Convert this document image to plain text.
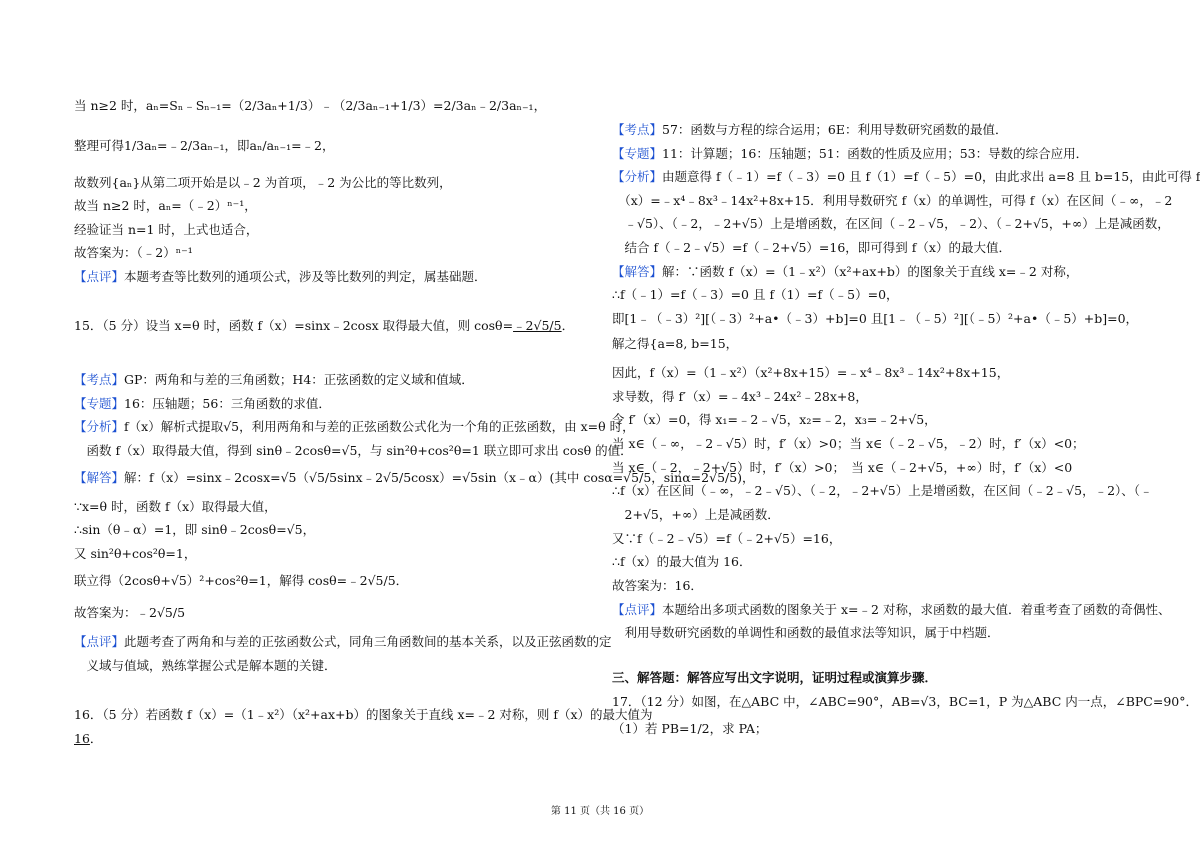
当 n≥2 时，aₙ=Sₙ﹣Sₙ₋₁=（2/3aₙ+1/3）﹣（2/3aₙ₋₁+1/3）=2/3aₙ﹣2/3aₙ₋₁，
整理可得1/3aₙ=﹣2/3aₙ₋₁，即aₙ/aₙ₋₁=﹣2，
故数列{aₙ}从第二项开始是以﹣2 为首项，﹣2 为公比的等比数列，
故当 n≥2 时，aₙ=（﹣2）ⁿ⁻¹，
经验证当 n=1 时，上式也适合，
故答案为：（﹣2）ⁿ⁻¹
【点评】本题考查等比数列的通项公式，涉及等比数列的判定，属基础题．
15．（5 分）设当 x=θ 时，函数 f（x）=sinx﹣2cosx 取得最大值，则 cosθ=﹣2√5/5．
【考点】GP：两角和与差的三角函数；H4：正弦函数的定义域和值域．
【专题】16：压轴题；56：三角函数的求值．
【分析】f（x）解析式提取√5，利用两角和与差的正弦函数公式化为一个角的正弦函数，由 x=θ 时，
　函数 f（x）取得最大值，得到 sinθ﹣2cosθ=√5，与 sin²θ+cos²θ=1 联立即可求出 cosθ 的值．
【解答】解：f（x）=sinx﹣2cosx=√5（√5/5sinx﹣2√5/5cosx）=√5sin（x﹣α）(其中 cosα=√5/5，sinα=2√5/5)，
∵x=θ 时，函数 f（x）取得最大值，
∴sin（θ﹣α）=1，即 sinθ﹣2cosθ=√5，
又 sin²θ+cos²θ=1，
联立得（2cosθ+√5）²+cos²θ=1，解得 cosθ=﹣2√5/5．
故答案为：﹣2√5/5
【点评】此题考查了两角和与差的正弦函数公式，同角三角函数间的基本关系，以及正弦函数的定
　义域与值域，熟练掌握公式是解本题的关键．
16．（5 分）若函数 f（x）=（1﹣x²）（x²+ax+b）的图象关于直线 x=﹣2 对称，则 f（x）的最大值为
16．
【考点】57：函数与方程的综合运用；6E：利用导数研究函数的最值．
【专题】11：计算题；16：压轴题；51：函数的性质及应用；53：导数的综合应用．
【分析】由题意得 f（﹣1）=f（﹣3）=0 且 f（1）=f（﹣5）=0，由此求出 a=8 且 b=15，由此可得 f
　（x）=﹣x⁴﹣8x³﹣14x²+8x+15．利用导数研究 f（x）的单调性，可得 f（x）在区间（﹣∞，﹣2
　﹣√5）、（﹣2，﹣2+√5）上是增函数，在区间（﹣2﹣√5，﹣2）、（﹣2+√5，+∞）上是减函数，
　结合 f（﹣2﹣√5）=f（﹣2+√5）=16，即可得到 f（x）的最大值．
【解答】解：∵函数 f（x）=（1﹣x²）（x²+ax+b）的图象关于直线 x=﹣2 对称，
∴f（﹣1）=f（﹣3）=0 且 f（1）=f（﹣5）=0，
即[1﹣（﹣3）²][（﹣3）²+a•（﹣3）+b]=0 且[1﹣（﹣5）²][（﹣5）²+a•（﹣5）+b]=0，
解之得{a=8, b=15，
因此，f（x）=（1﹣x²）（x²+8x+15）=﹣x⁴﹣8x³﹣14x²+8x+15，
求导数，得 f′（x）=﹣4x³﹣24x²﹣28x+8，
令 f′（x）=0，得 x₁=﹣2﹣√5，x₂=﹣2，x₃=﹣2+√5，
当 x∈（﹣∞，﹣2﹣√5）时，f′（x）>0；当 x∈（﹣2﹣√5，﹣2）时，f′（x）<0；
当 x∈（﹣2，﹣2+√5）时，f′（x）>0；　当 x∈（﹣2+√5，+∞）时，f′（x）<0
∴f（x）在区间（﹣∞，﹣2﹣√5）、（﹣2，﹣2+√5）上是增函数，在区间（﹣2﹣√5，﹣2）、（﹣
　2+√5，+∞）上是减函数．
又∵f（﹣2﹣√5）=f（﹣2+√5）=16，
∴f（x）的最大值为 16．
故答案为：16．
【点评】本题给出多项式函数的图象关于 x=﹣2 对称，求函数的最大值．着重考查了函数的奇偶性、
　利用导数研究函数的单调性和函数的最值求法等知识，属于中档题．
三、解答题：解答应写出文字说明，证明过程或演算步骤．
17．（12 分）如图，在△ABC 中，∠ABC=90°，AB=√3，BC=1，P 为△ABC 内一点，∠BPC=90°．
（1）若 PB=1/2，求 PA；
第 11 页（共 16 页）
